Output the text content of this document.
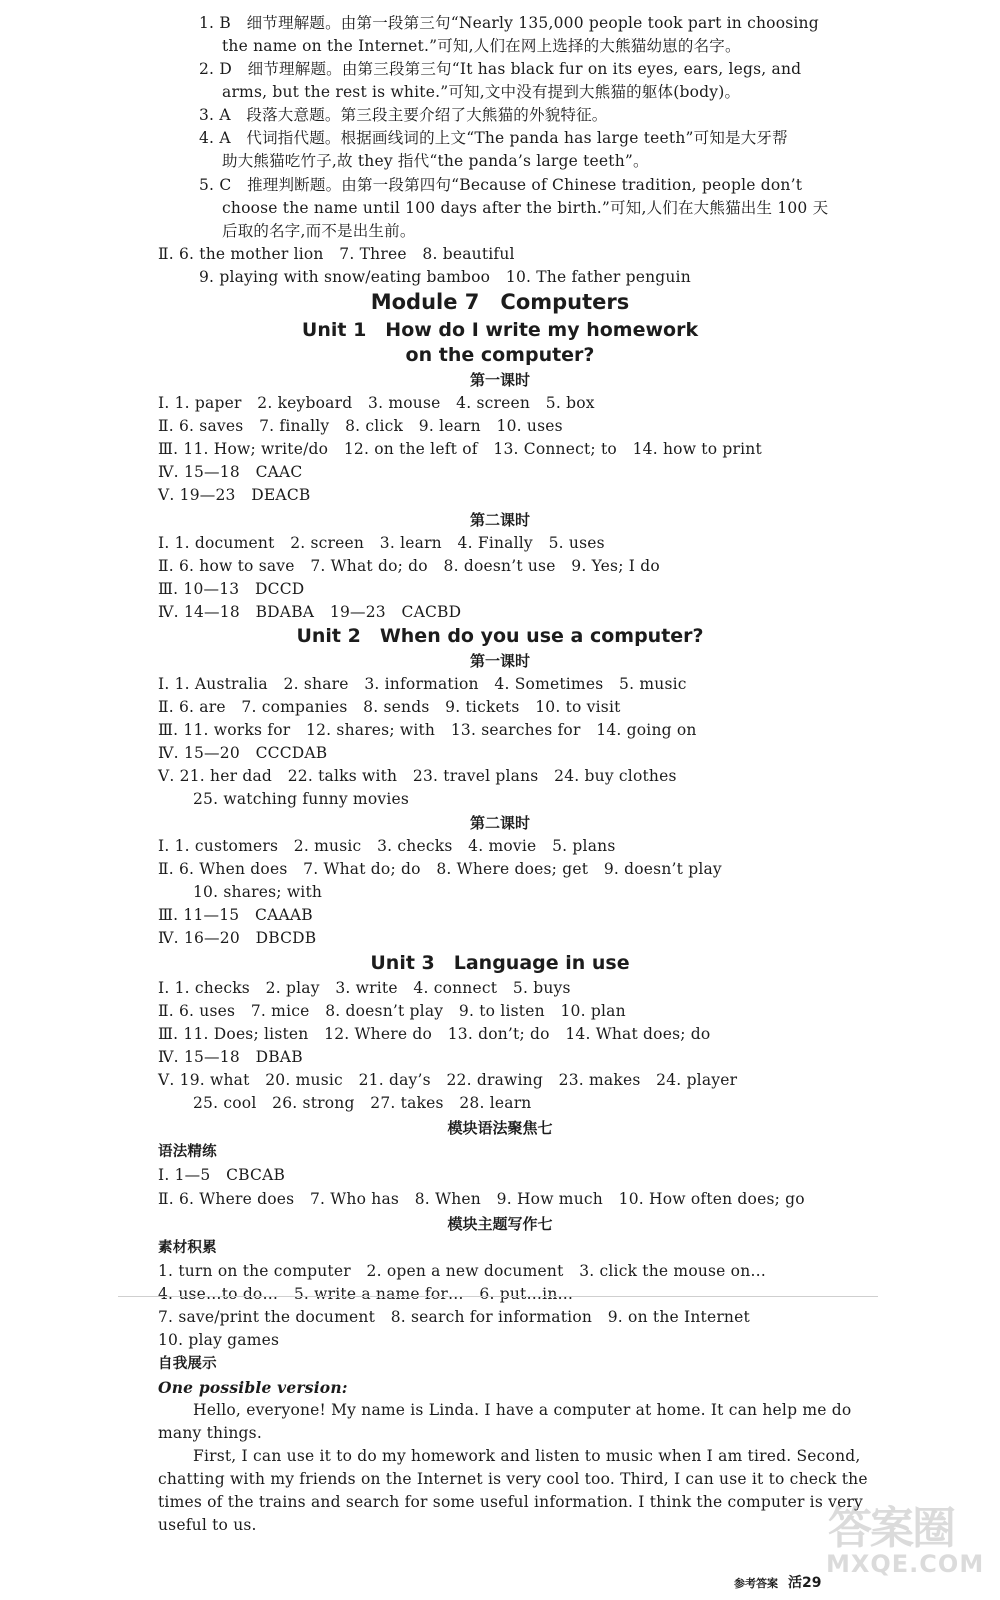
1. B　细节理解题。由第一段第三句“Nearly 135,000 people took part in choosing
the name on the Internet.”可知,人们在网上选择的大熊猫幼崽的名字。
2. D　细节理解题。由第三段第三句“It has black fur on its eyes, ears, legs, and
arms, but the rest is white.”可知,文中没有提到大熊猫的躯体(body)。
3. A　段落大意题。第三段主要介绍了大熊猫的外貌特征。
4. A　代词指代题。根据画线词的上文“The panda has large teeth”可知是大牙帮
助大熊猫吃竹子,故 they 指代“the panda’s large teeth”。
5. C　推理判断题。由第一段第四句“Because of Chinese tradition, people don’t
choose the name until 100 days after the birth.”可知,人们在大熊猫出生 100 天
后取的名字,而不是出生前。
Ⅱ. 6. the mother lion　7. Three　8. beautiful
9. playing with snow/eating bamboo　10. The father penguin
Module 7　Computers
Unit 1　How do I write my homework
on the computer?
第一课时
Ⅰ. 1. paper　2. keyboard　3. mouse　4. screen　5. box
Ⅱ. 6. saves　7. finally　8. click　9. learn　10. uses
Ⅲ. 11. How; write/do　12. on the left of　13. Connect; to　14. how to print
Ⅳ. 15—18　CAAC
Ⅴ. 19—23　DEACB
第二课时
Ⅰ. 1. document　2. screen　3. learn　4. Finally　5. uses
Ⅱ. 6. how to save　7. What do; do　8. doesn’t use　9. Yes; I do
Ⅲ. 10—13　DCCD
Ⅳ. 14—18　BDABA　19—23　CACBD
Unit 2　When do you use a computer?
第一课时
Ⅰ. 1. Australia　2. share　3. information　4. Sometimes　5. music
Ⅱ. 6. are　7. companies　8. sends　9. tickets　10. to visit
Ⅲ. 11. works for　12. shares; with　13. searches for　14. going on
Ⅳ. 15—20　CCCDAB
Ⅴ. 21. her dad　22. talks with　23. travel plans　24. buy clothes
25. watching funny movies
第二课时
Ⅰ. 1. customers　2. music　3. checks　4. movie　5. plans
Ⅱ. 6. When does　7. What do; do　8. Where does; get　9. doesn’t play
10. shares; with
Ⅲ. 11—15　CAAAB
Ⅳ. 16—20　DBCDB
Unit 3　Language in use
Ⅰ. 1. checks　2. play　3. write　4. connect　5. buys
Ⅱ. 6. uses　7. mice　8. doesn’t play　9. to listen　10. plan
Ⅲ. 11. Does; listen　12. Where do　13. don’t; do　14. What does; do
Ⅳ. 15—18　DBAB
Ⅴ. 19. what　20. music　21. day’s　22. drawing　23. makes　24. player
25. cool　26. strong　27. takes　28. learn
模块语法聚焦七
语法精练
Ⅰ. 1—5　CBCAB
Ⅱ. 6. Where does　7. Who has　8. When　9. How much　10. How often does; go
模块主题写作七
素材积累
1. turn on the computer　2. open a new document　3. click the mouse on…
4. use…to do…　5. write a name for…　6. put…in…
7. save/print the document　8. search for information　9. on the Internet
10. play games
自我展示
One possible version:
Hello, everyone! My name is Linda. I have a computer at home. It can help me do
many things.
First, I can use it to do my homework and listen to music when I am tired. Second,
chatting with my friends on the Internet is very cool too. Third, I can use it to check the
times of the trains and search for some useful information. I think the computer is very
useful to us.
参考答案 活29
答案圈
MXQE.COM
